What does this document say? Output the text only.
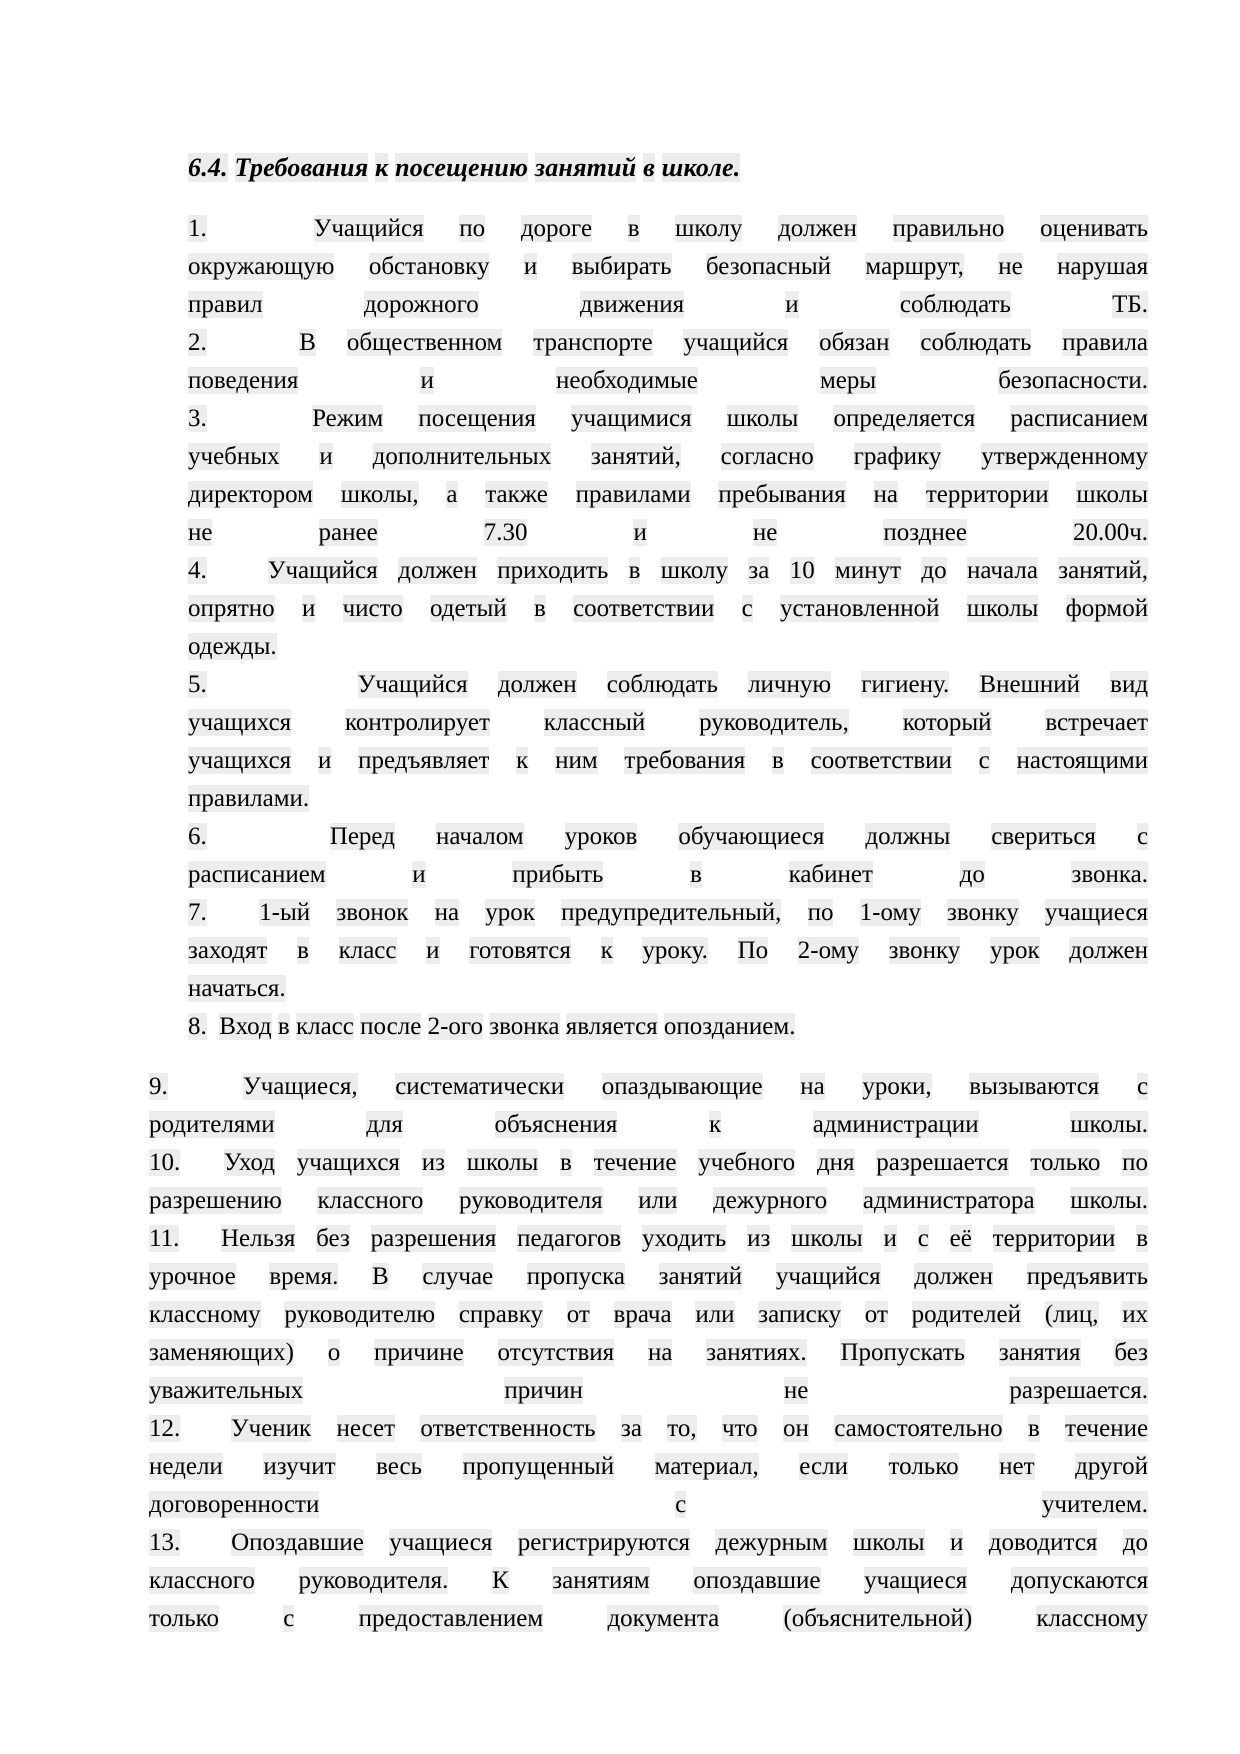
6.4. Требования к посещению занятий в школе.
1.	Учащийся по дороге в школу должен правильно оценивать
окружающую обстановку и выбирать безопасный маршрут, не нарушая
правил	дорожного	движения	и	соблюдать	ТБ.
2.	В общественном транспорте учащийся обязан соблюдать правила
поведения	и	необходимые	меры	безопасности.
3.	Режим посещения учащимися школы определяется расписанием
учебных и дополнительных занятий, согласно графику утвержденному
директором школы, а также правилами пребывания на территории школы
не	ранее	7.30	и	не	позднее	20.00ч.
4. Учащийся должен приходить в школу за 10 минут до начала занятий,
опрятно и чисто одетый в соответствии с установленной школы формой
одежды.
5.	Учащийся должен соблюдать личную гигиену. Внешний вид
учащихся контролирует классный руководитель, который встречает
учащихся и предъявляет к ним требования в соответствии с настоящими
правилами.
6.	Перед началом уроков обучающиеся должны свериться с
расписанием	и	прибыть	в	кабинет	до	звонка.
7. 1-ый звонок на урок предупредительный, по 1-ому звонку учащиеся
заходят в класс и готовятся к уроку. По 2-ому звонку урок должен
начаться.
8. Вход в класс после 2-ого звонка является опозданием.
9.	Учащиеся, систематически опаздывающие на уроки, вызываются с
родителями	для	объяснения	к	администрации	школы.
10. Уход учащихся из школы в течение учебного дня разрешается только по
разрешению классного руководителя или дежурного администратора школы.
11. Нельзя без разрешения педагогов уходить из школы и с её территории в
урочное время. В случае пропуска занятий учащийся должен предъявить
классному руководителю справку от врача или записку от родителей (лиц, их
заменяющих) о причине отсутствия на занятиях. Пропускать занятия без
уважительных	причин	не	разрешается.
12. Ученик несет ответственность за то, что он самостоятельно в течение
недели изучит весь пропущенный материал, если только нет другой
договоренности	с	учителем.
13. Опоздавшие учащиеся регистрируются дежурным школы и доводится до
классного руководителя. К занятиям опоздавшие учащиеся допускаются
только	с	предоставлением	документа	(объяснительной)	классному
